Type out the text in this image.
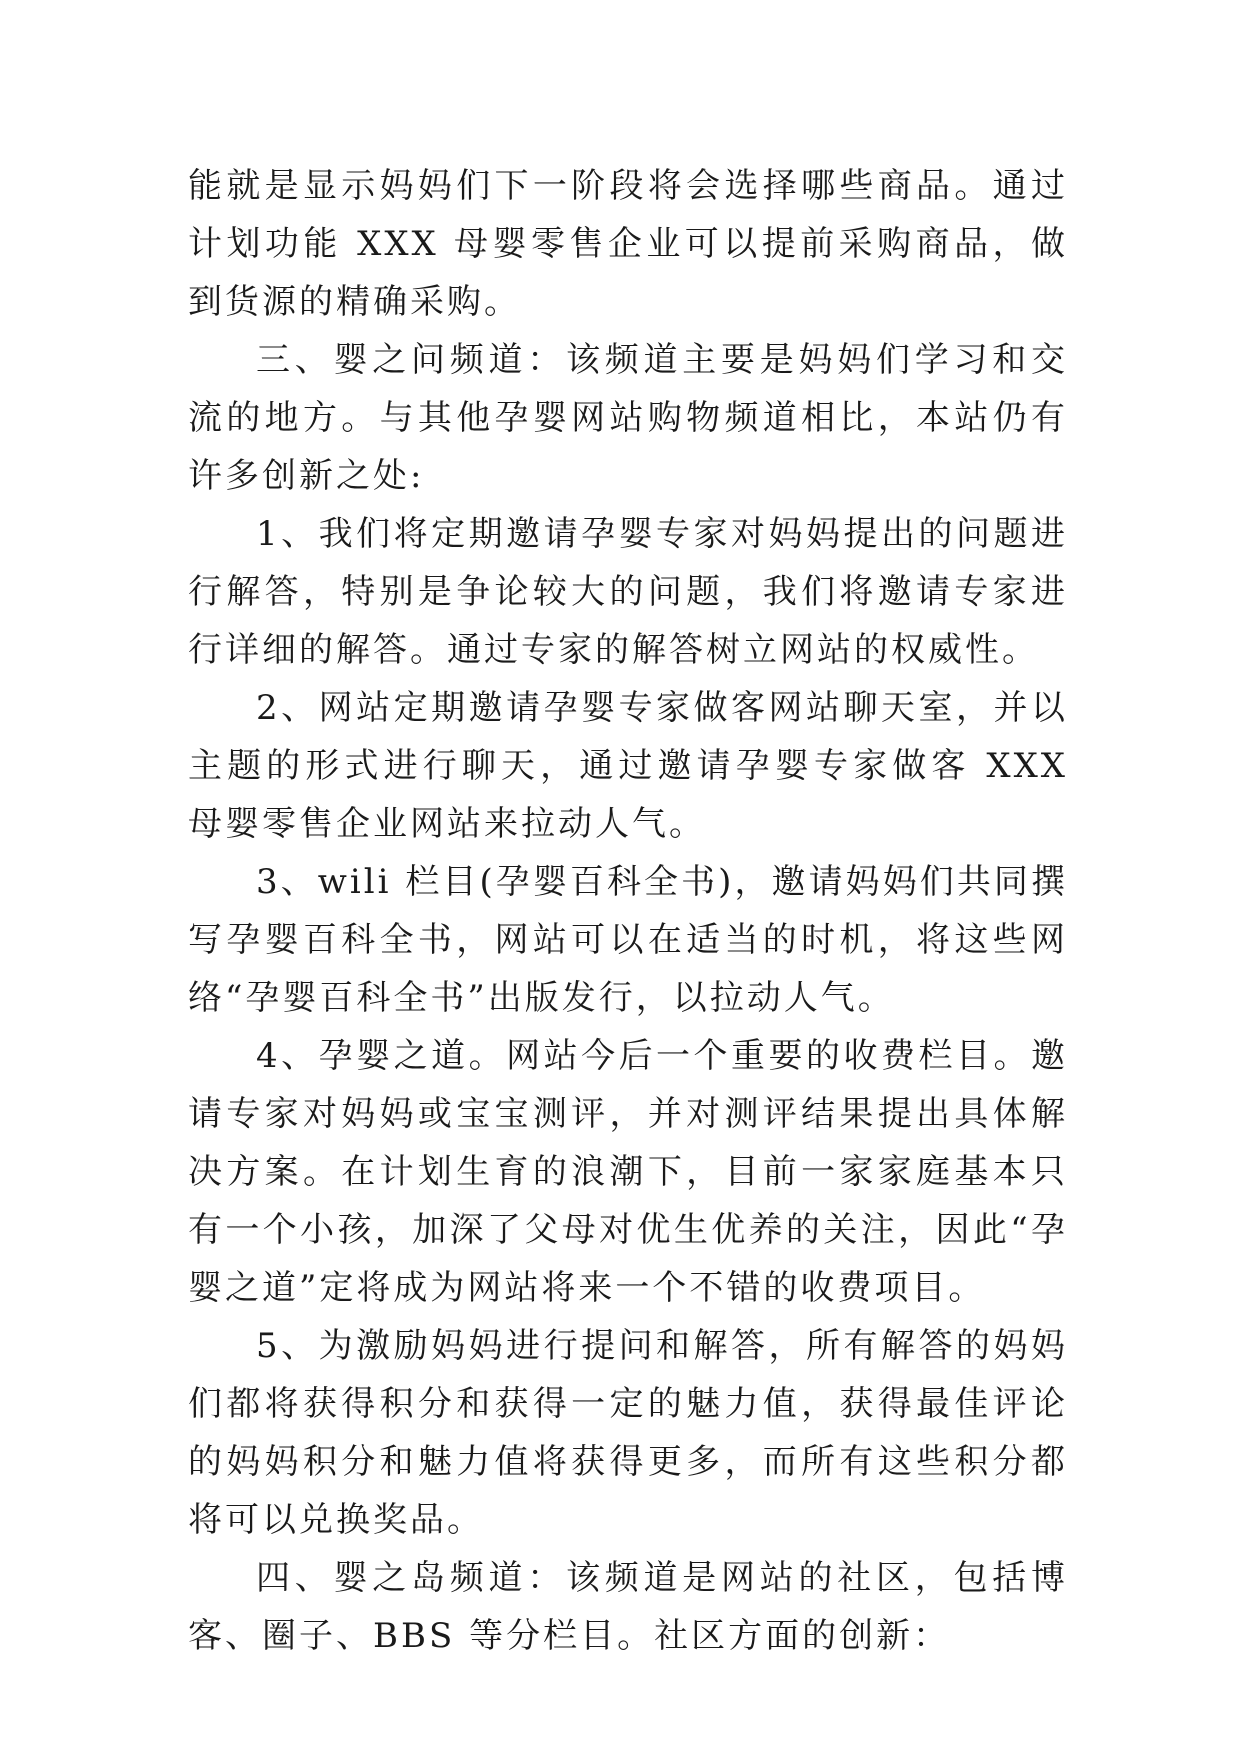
能就是显示妈妈们下一阶段将会选择哪些商品。通过计划功能 XXX 母婴零售企业可以提前采购商品，做到货源的精确采购。

三、婴之问频道：该频道主要是妈妈们学习和交流的地方。与其他孕婴网站购物频道相比，本站仍有许多创新之处:

1、我们将定期邀请孕婴专家对妈妈提出的问题进行解答，特别是争论较大的问题，我们将邀请专家进行详细的解答。通过专家的解答树立网站的权威性。

2、网站定期邀请孕婴专家做客网站聊天室，并以主题的形式进行聊天，通过邀请孕婴专家做客 XXX 母婴零售企业网站来拉动人气。

3、wili 栏目(孕婴百科全书)，邀请妈妈们共同撰写孕婴百科全书，网站可以在适当的时机，将这些网络“孕婴百科全书”出版发行，以拉动人气。

4、孕婴之道。网站今后一个重要的收费栏目。邀请专家对妈妈或宝宝测评，并对测评结果提出具体解决方案。在计划生育的浪潮下，目前一家家庭基本只有一个小孩，加深了父母对优生优养的关注，因此“孕婴之道”定将成为网站将来一个不错的收费项目。

5、为激励妈妈进行提问和解答，所有解答的妈妈们都将获得积分和获得一定的魅力值，获得最佳评论的妈妈积分和魅力值将获得更多，而所有这些积分都将可以兑换奖品。

四、婴之岛频道：该频道是网站的社区，包括博客、圈子、BBS 等分栏目。社区方面的创新：
